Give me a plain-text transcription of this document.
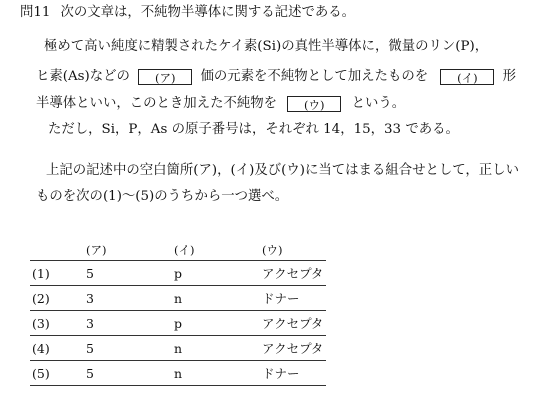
問11 次の文章は，不純物半導体に関する記述である。
極めて高い純度に精製されたケイ素(Si)の真性半導体に，微量のリン(P)，
ヒ素(As)などの (ア) 価の元素を不純物として加えたものを	(イ) 形
半導体といい，このとき加えた不純物を (ウ) という。
ただし，Si，P，As の原子番号は，それぞれ 14，15，33 である。
上記の記述中の空白箇所(ア)，(イ)及び(ウ)に当てはまる組合せとして，正しい
ものを次の(1)～(5)のうちから一つ選べ。
	(ア)	(イ)	(ウ)
(1)	5	p	アクセプタ
(2)	3	n	ドナー
(3)	3	p	アクセプタ
(4)	5	n	アクセプタ
(5)	5	n	ドナー
